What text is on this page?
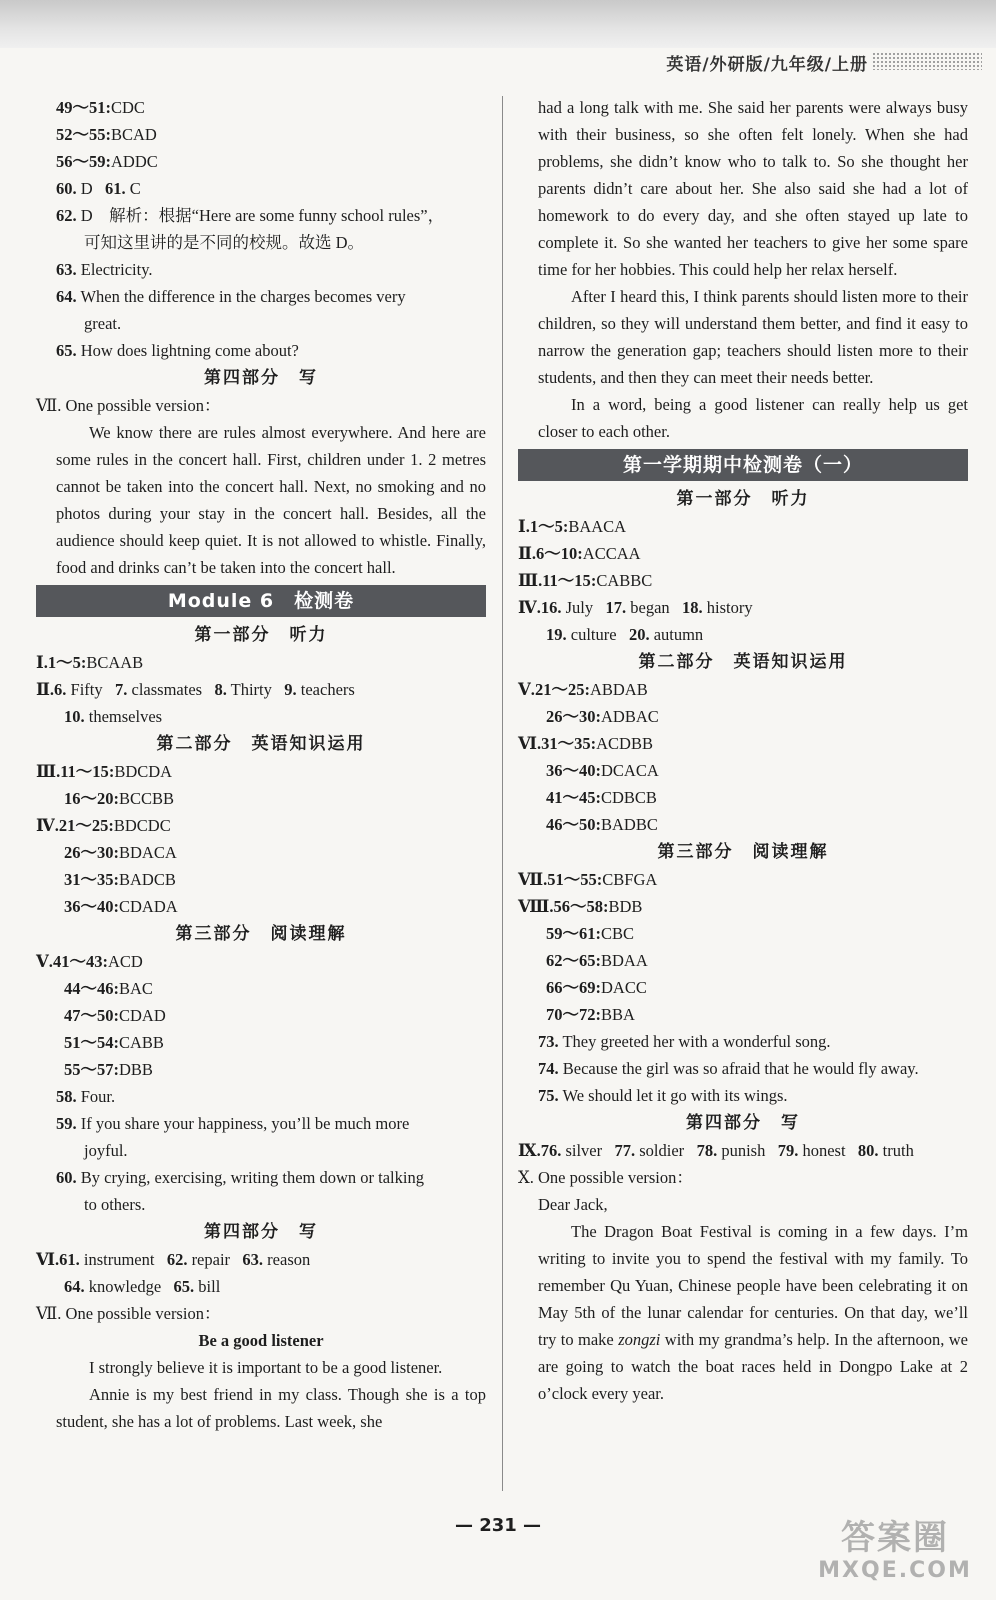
英语/外研版/九年级/上册
49～51:CDC
52～55:BCAD
56～59:ADDC
60. D 61. C
62. D　解析：根据“Here are some funny school rules”，
可知这里讲的是不同的校规。故选 D。
63. Electricity.
64. When the difference in the charges becomes very
great.
65. How does lightning come about?
第四部分　写
Ⅶ. One possible version：

We know there are rules almost everywhere. And here are some rules in the concert hall. First, children under 1. 2 metres cannot be taken into the concert hall. Next, no smoking and no photos during your stay in the concert hall. Besides, all the audience should keep quiet. It is not allowed to whistle. Finally, food and drinks can’t be taken into the concert hall.

Module 6　检测卷
第一部分　听力
Ⅰ.1～5:BCAAB
Ⅱ.6. Fifty 7. classmates 8. Thirty 9. teachers
10. themselves
第二部分　英语知识运用
Ⅲ.11～15:BDCDA
16～20:BCCBB
Ⅳ.21～25:BDCDC
26～30:BDACA
31～35:BADCB
36～40:CDADA
第三部分　阅读理解
Ⅴ.41～43:ACD
44～46:BAC
47～50:CDAD
51～54:CABB
55～57:DBB
58. Four.
59. If you share your happiness, you’ll be much more
joyful.
60. By crying, exercising, writing them down or talking
to others.
第四部分　写
Ⅵ.61. instrument 62. repair 63. reason
64. knowledge 65. bill
Ⅶ. One possible version：
Be a good listener

I strongly believe it is important to be a good listener.

Annie is my best friend in my class. Though she is a top student, she has a lot of problems. Last week, she

had a long talk with me. She said her parents were always busy with their business, so she often felt lonely. When she had problems, she didn’t know who to talk to. So she thought her parents didn’t care about her. She also said she had a lot of homework to do every day, and she often stayed up late to complete it. So she wanted her teachers to give her some spare time for her hobbies. This could help her relax herself.

After I heard this, I think parents should listen more to their children, so they will understand them better, and find it easy to narrow the generation gap; teachers should listen more to their students, and then they can meet their needs better.

In a word, being a good listener can really help us get closer to each other.

第一学期期中检测卷（一）
第一部分　听力
Ⅰ.1～5:BAACA
Ⅱ.6～10:ACCAA
Ⅲ.11～15:CABBC
Ⅳ.16. July 17. began 18. history
19. culture 20. autumn
第二部分　英语知识运用
Ⅴ.21～25:ABDAB
26～30:ADBAC
Ⅵ.31～35:ACDBB
36～40:DCACA
41～45:CDBCB
46～50:BADBC
第三部分　阅读理解
Ⅶ.51～55:CBFGA
Ⅷ.56～58:BDB
59～61:CBC
62～65:BDAA
66～69:DACC
70～72:BBA
73. They greeted her with a wonderful song.
74. Because the girl was so afraid that he would fly away.
75. We should let it go with its wings.
第四部分　写
Ⅸ.76. silver 77. soldier 78. punish 79. honest 80. truth
Ⅹ. One possible version：
Dear Jack,

The Dragon Boat Festival is coming in a few days. I’m writing to invite you to spend the festival with my family. To remember Qu Yuan, Chinese people have been celebrating it on May 5th of the lunar calendar for centuries. On that day, we’ll try to make zongzi with my grandma’s help. In the afternoon, we are going to watch the boat races held in Dongpo Lake at 2 o’clock every year.

— 231 —	答案圈
MXQE.COM
